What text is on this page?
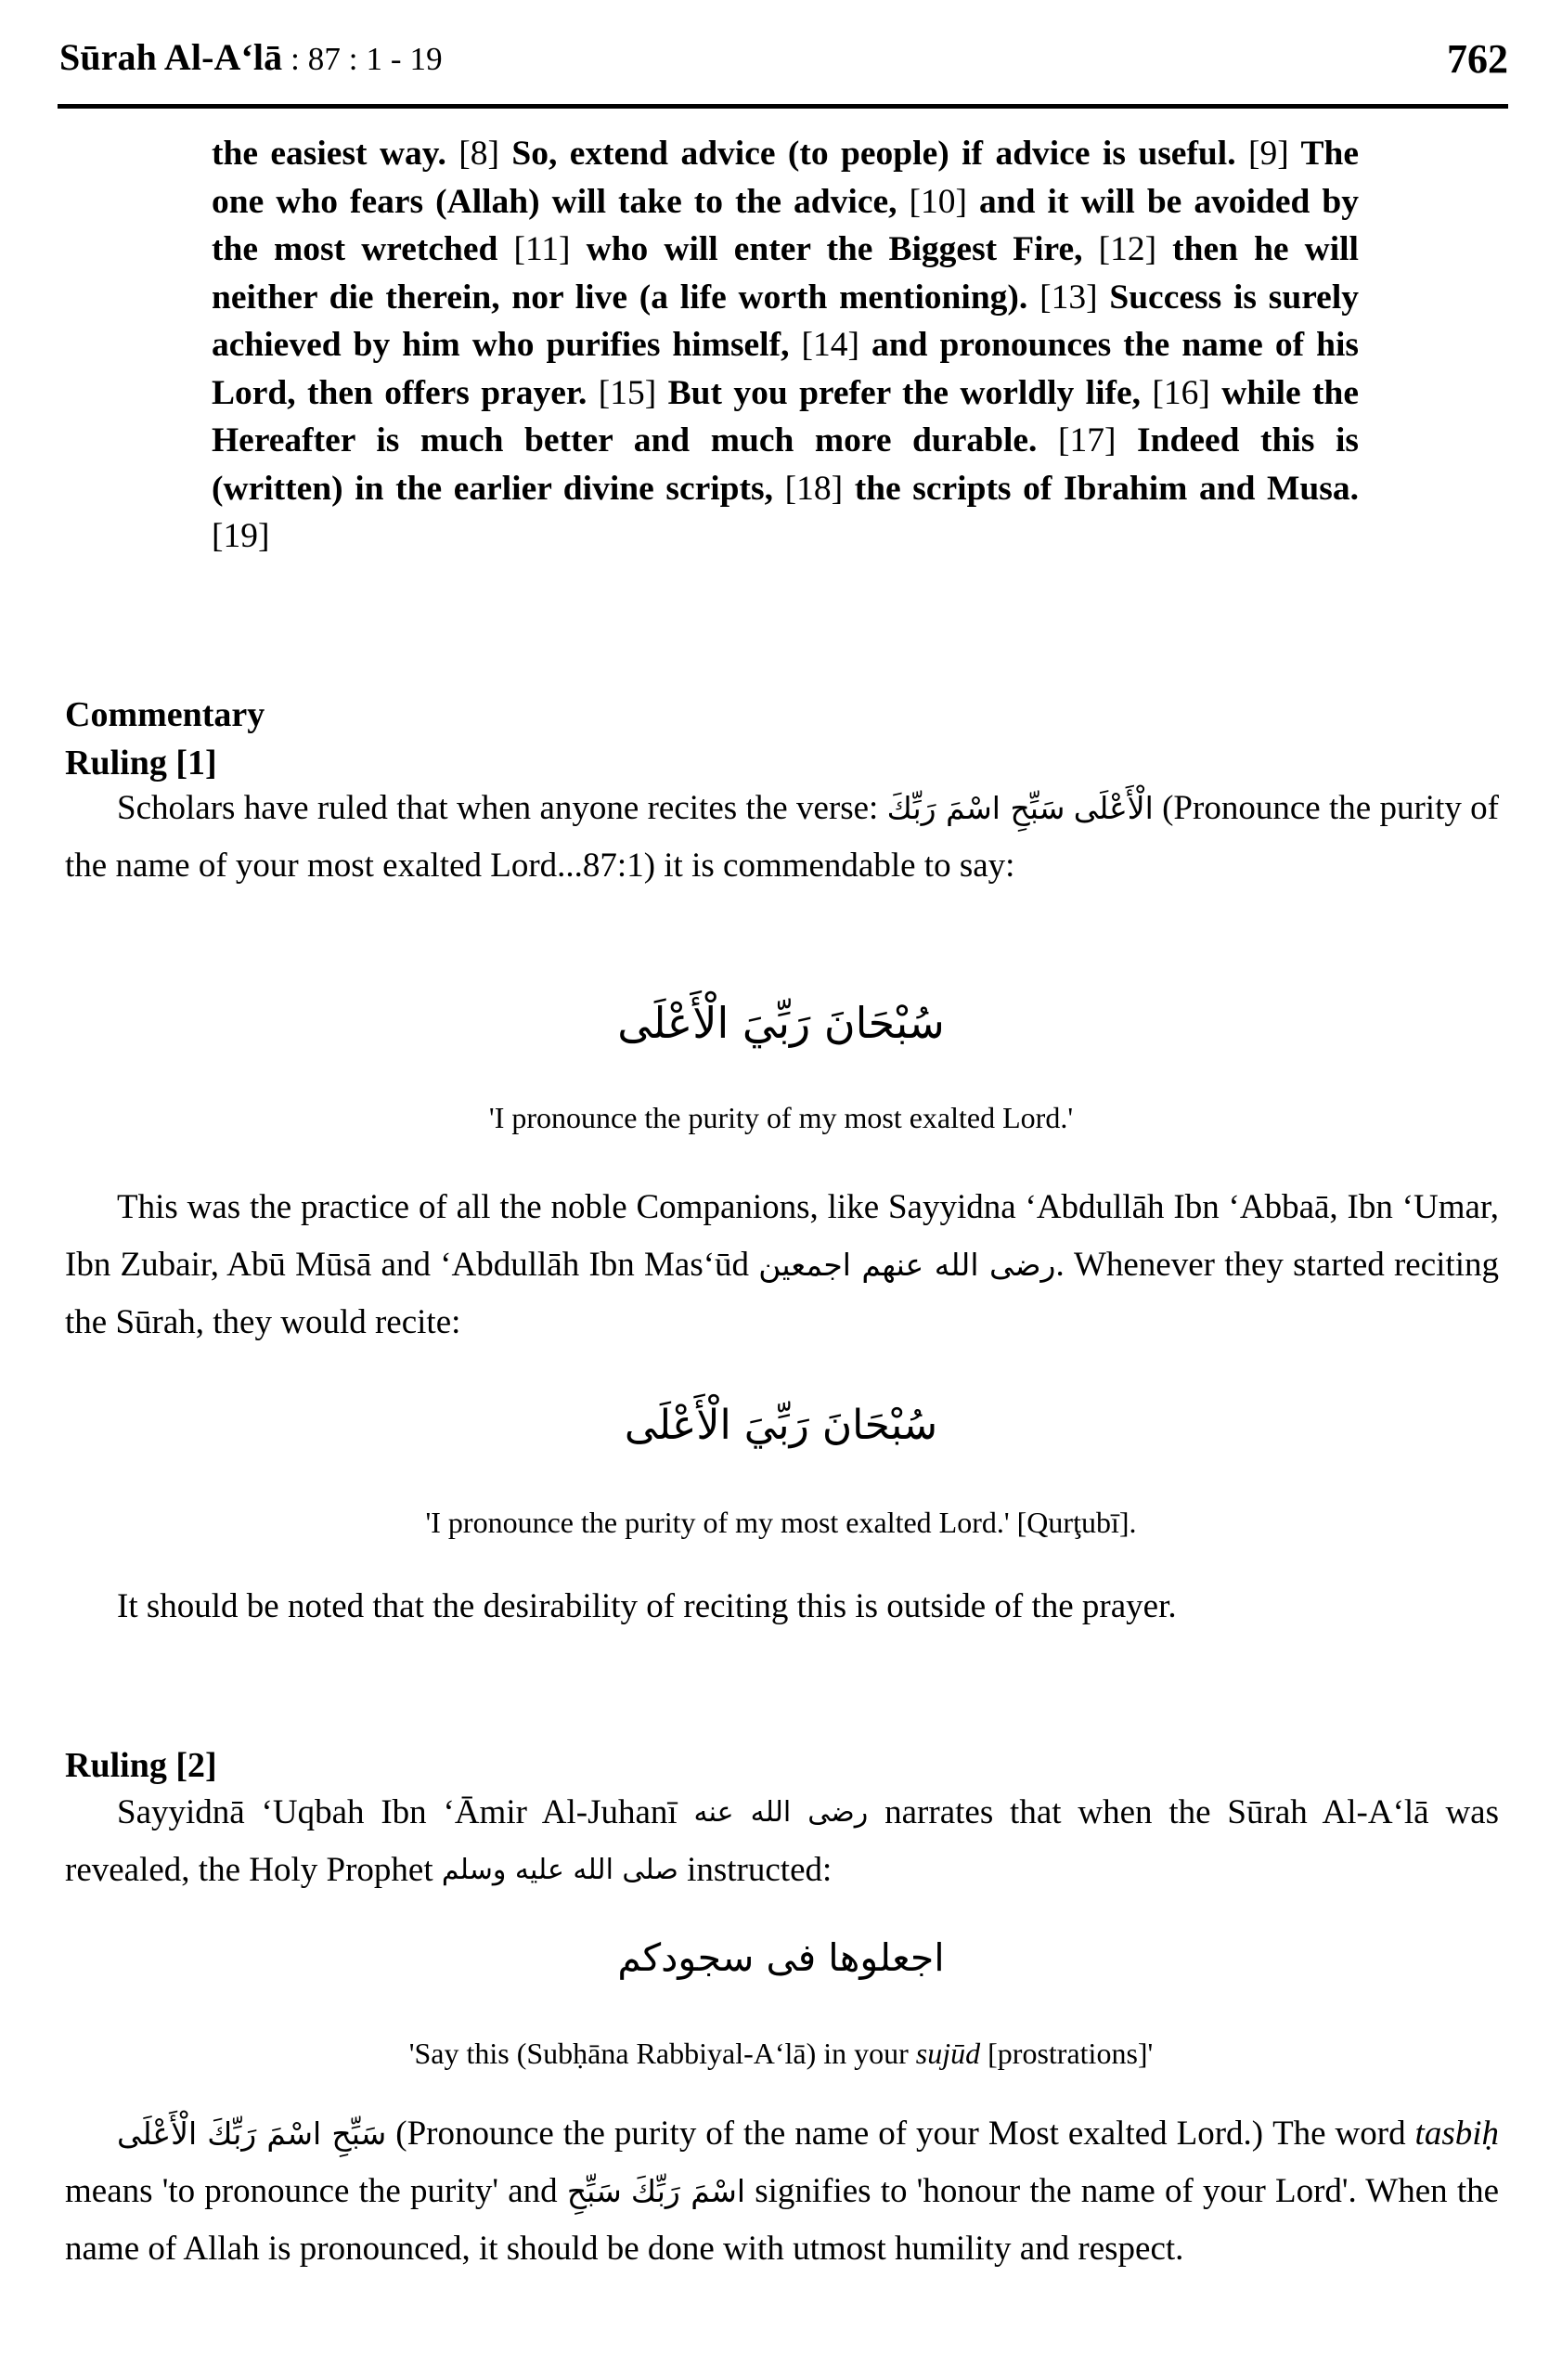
Sūrah Al-A‘lā : 87 : 1 - 19	762
the easiest way. [8] So, extend advice (to people) if advice is useful. [9] The one who fears (Allah) will take to the advice, [10] and it will be avoided by the most wretched [11] who will enter the Biggest Fire, [12] then he will neither die therein, nor live (a life worth mentioning). [13] Success is surely achieved by him who purifies himself, [14] and pronounces the name of his Lord, then offers prayer. [15] But you prefer the worldly life, [16] while the Hereafter is much better and much more durable. [17] Indeed this is (written) in the earlier divine scripts, [18] the scripts of Ibrahim and Musa. [19]
Commentary
Ruling [1]
Scholars have ruled that when anyone recites the verse: سَبِّحِ اسْمَ رَبِّكَ الْأَعْلَى (Pronounce the purity of the name of your most exalted Lord...87:1) it is commendable to say:
سُبْحَانَ رَبِّيَ الْأَعْلَى
'I pronounce the purity of my most exalted Lord.'
This was the practice of all the noble Companions, like Sayyidna ‘Abdullāh Ibn ‘Abbaā, Ibn ‘Umar, Ibn Zubair, Abū Mūsā and ‘Abdullāh Ibn Mas‘ūd رضى الله عنهم اجمعين. Whenever they started reciting the Sūrah, they would recite:
سُبْحَانَ رَبِّيَ الْأَعْلَى
'I pronounce the purity of my most exalted Lord.' [Qurţubī].
It should be noted that the desirability of reciting this is outside of the prayer.
Ruling [2]
Sayyidnā ‘Uqbah Ibn ‘Āmir Al-Juhanī رضى الله عنه narrates that when the Sūrah Al-A‘lā was revealed, the Holy Prophet صلى الله عليه وسلم instructed:
اجعلوها فى سجودكم
'Say this (Subḥāna Rabbiyal-A‘lā) in your sujūd [prostrations]'
سَبِّحِ اسْمَ رَبِّكَ الْأَعْلَى (Pronounce the purity of the name of your Most exalted Lord.) The word tasbiḥ means 'to pronounce the purity' and سَبِّحِ اسْمَ رَبِّكَ signifies to 'honour the name of your Lord'. When the name of Allah is pronounced, it should be done with utmost humility and respect.
